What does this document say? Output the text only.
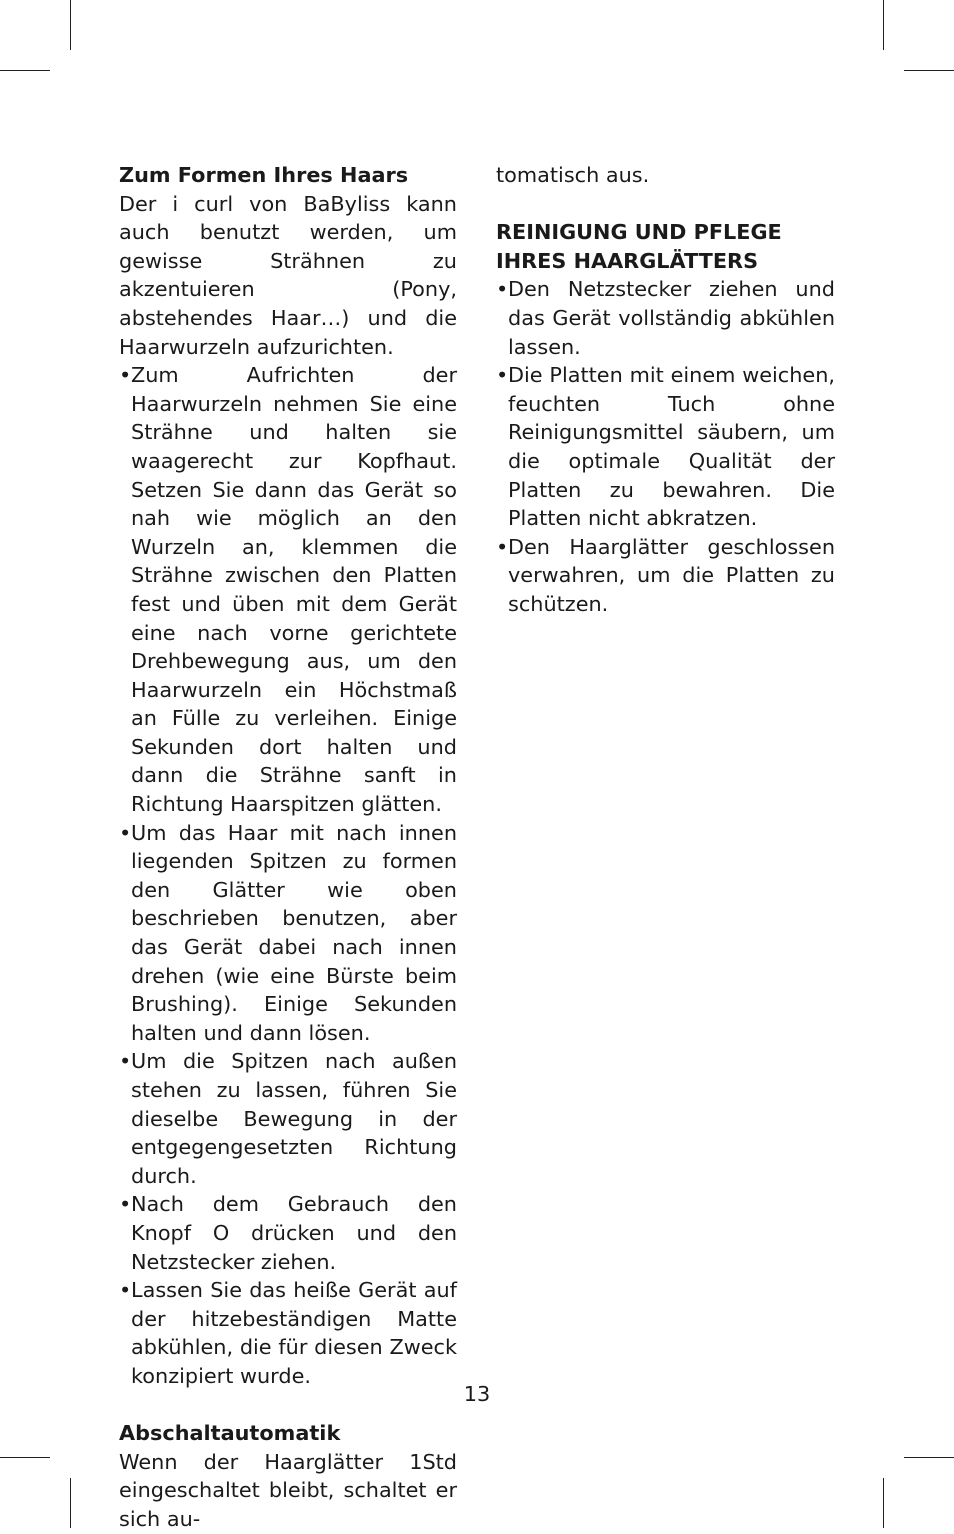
Zum Formen Ihres Haars

Der i curl von BaByliss kann auch benutzt werden, um gewisse Strähnen zu akzentuieren (Pony, abstehendes Haar…) und die Haarwurzeln aufzurichten.

• Zum Aufrichten der Haarwurzeln nehmen Sie eine Strähne und halten sie waagerecht zur Kopfhaut. Setzen Sie dann das Gerät so nah wie möglich an den Wurzeln an, klemmen die Strähne zwischen den Platten fest und üben mit dem Gerät eine nach vorne gerichtete Drehbewegung aus, um den Haarwurzeln ein Höchstmaß an Fülle zu verleihen. Einige Sekunden dort halten und dann die Strähne sanft in Richtung Haarspitzen glätten.
• Um das Haar mit nach innen liegenden Spitzen zu formen den Glätter wie oben beschrieben benutzen, aber das Gerät dabei nach innen drehen (wie eine Bürste beim Brushing). Einige Sekunden halten und dann lösen.
• Um die Spitzen nach außen stehen zu lassen, führen Sie dieselbe Bewegung in der entgegengesetzten Richtung durch.
• Nach dem Gebrauch den Knopf O drücken und den Netzstecker ziehen.
• Lassen Sie das heiße Gerät auf der hitzebeständigen Matte abkühlen, die für diesen Zweck konzipiert wurde.

Abschaltautomatik

Wenn der Haarglätter 1Std eingeschaltet bleibt, schaltet er sich au-

tomatisch aus.

REINIGUNG UND PFLEGE IHRES HAARGLÄTTERS

• Den Netzstecker ziehen und das Gerät vollständig abkühlen lassen.
• Die Platten mit einem weichen, feuchten Tuch ohne Reinigungsmittel säubern, um die optimale Qualität der Platten zu bewahren. Die Platten nicht abkratzen.
• Den Haarglätter geschlossen verwahren, um die Platten zu schützen.
13
